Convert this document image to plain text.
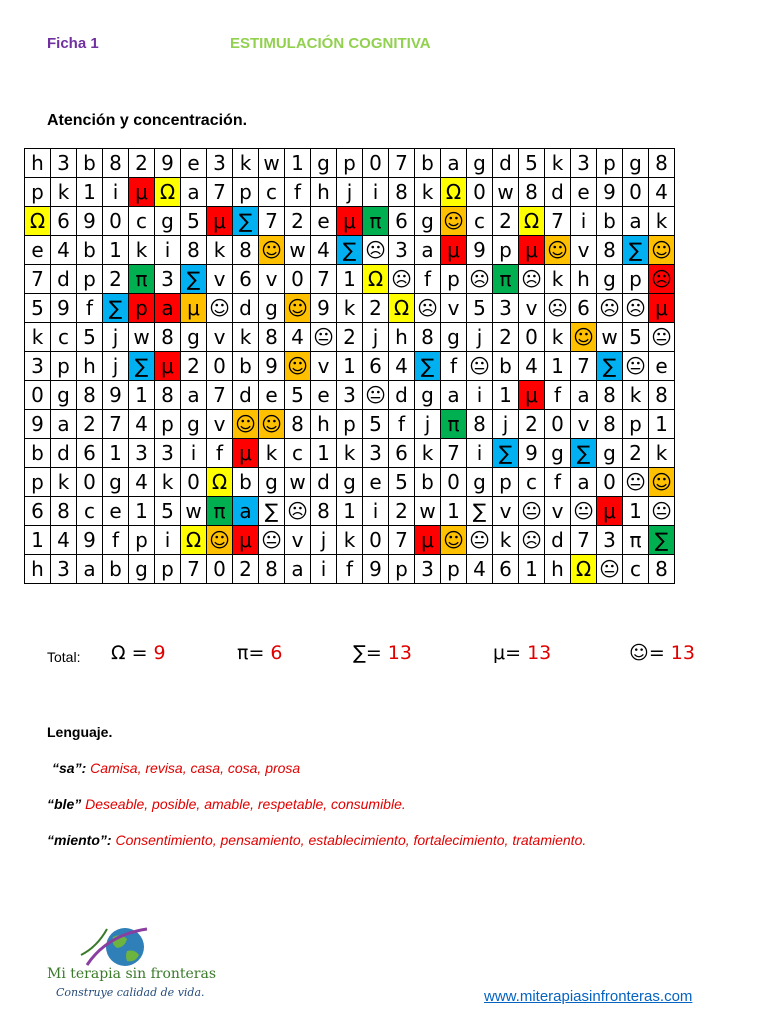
Ficha 1	ESTIMULACIÓN COGNITIVA
Atención y concentración.
h	3	b	8	2	9	e	3	k	w	1	g	p	0	7	b	a	g	d	5	k	3	p	g	8
p	k	1	i	μ	Ω	a	7	p	c	f	h	j	i	8	k	Ω	0	w	8	d	e	9	0	4
Ω	6	9	0	c	g	5	μ	∑	7	2	e	μ	π	6	g	☺	c	2	Ω	7	i	b	a	k
e	4	b	1	k	i	8	k	8	☺	w	4	∑	☹	3	a	μ	9	p	μ	☺	v	8	∑	☺
7	d	p	2	π	3	∑	v	6	v	0	7	1	Ω	☹	f	p	☹	π	☹	k	h	g	p	☹
5	9	f	∑	p	a	μ	☺	d	g	☺	9	k	2	Ω	☹	v	5	3	v	☹	6	☹	☹	μ
k	c	5	j	w	8	g	v	k	8	4	😐	2	j	h	8	g	j	2	0	k	☺	w	5	😐
3	p	h	j	∑	μ	2	0	b	9	☺	v	1	6	4	∑	f	😐	b	4	1	7	∑	😐	e
0	g	8	9	1	8	a	7	d	e	5	e	3	😐	d	g	a	i	1	μ	f	a	8	k	8
9	a	2	7	4	p	g	v	☺	☺	8	h	p	5	f	j	π	8	j	2	0	v	8	p	1
b	d	6	1	3	3	i	f	μ	k	c	1	k	3	6	k	7	i	∑	9	g	∑	g	2	k
p	k	0	g	4	k	0	Ω	b	g	w	d	g	e	5	b	0	g	p	c	f	a	0	😐	☺
6	8	c	e	1	5	w	π	a	∑	☹	8	1	i	2	w	1	∑	v	😐	v	😐	μ	1	😐
1	4	9	f	p	i	Ω	☺	μ	😐	v	j	k	0	7	μ	☺	😐	k	☹	d	7	3	π	∑
h	3	a	b	g	p	7	0	2	8	a	i	f	9	p	3	p	4	6	1	h	Ω	😐	c	8
Total: Ω = 9	π= 6	∑= 13	μ= 13	☺= 13
Lenguaje.
“sa”: Camisa, revisa, casa, cosa, prosa
“ble” Deseable, posible, amable, respetable, consumible.
“miento”: Consentimiento, pensamiento, establecimiento, fortalecimiento, tratamiento.
Mi terapia sin fronteras
Construye calidad de vida.	www.miterapiasinfronteras.com
